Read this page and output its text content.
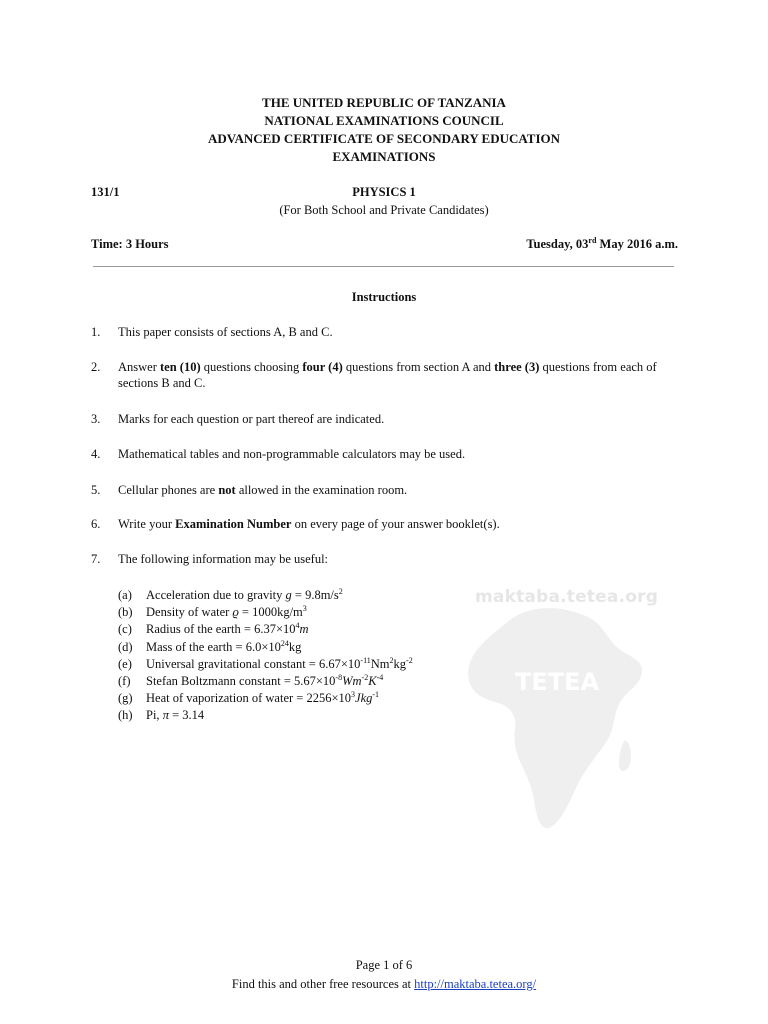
TETEA
maktaba.tetea.org
THE UNITED REPUBLIC OF TANZANIA
NATIONAL EXAMINATIONS COUNCIL
ADVANCED CERTIFICATE OF SECONDARY EDUCATION
EXAMINATIONS
131/1	PHYSICS 1
(For Both School and Private Candidates)
Time: 3 Hours	Tuesday, 03rd May 2016 a.m.
Instructions
1. This paper consists of sections A, B and C.
2. Answer ten (10) questions choosing four (4) questions from section A and three (3) questions from each of sections B and C.
3. Marks for each question or part thereof are indicated.
4. Mathematical tables and non-programmable calculators may be used.
5. Cellular phones are not allowed in the examination room.
6. Write your Examination Number on every page of your answer booklet(s).
7. The following information may be useful:
(a) Acceleration due to gravity $g = 9.8m/s^2$
(b) Density of water $ϱ = 1000kg/m^3$
(c) Radius of the earth = $6.37\times 10^4m$
(d) Mass of the earth = $6.0\times 10^{24}kg$
(e) Universal gravitational constant = $6.67\times 10^{-11}Nm^2kg^{-2}$
(f) Stefan Boltzmann constant = $5.67\times 10^{-8}Wm^{-2}K^{-4}$
(g) Heat of vaporization of water = $2256\times 10^3Jkg^{-1}$
(h) Pi, π = 3.14
Page 1 of 6
Find this and other free resources at http://maktaba.tetea.org/
